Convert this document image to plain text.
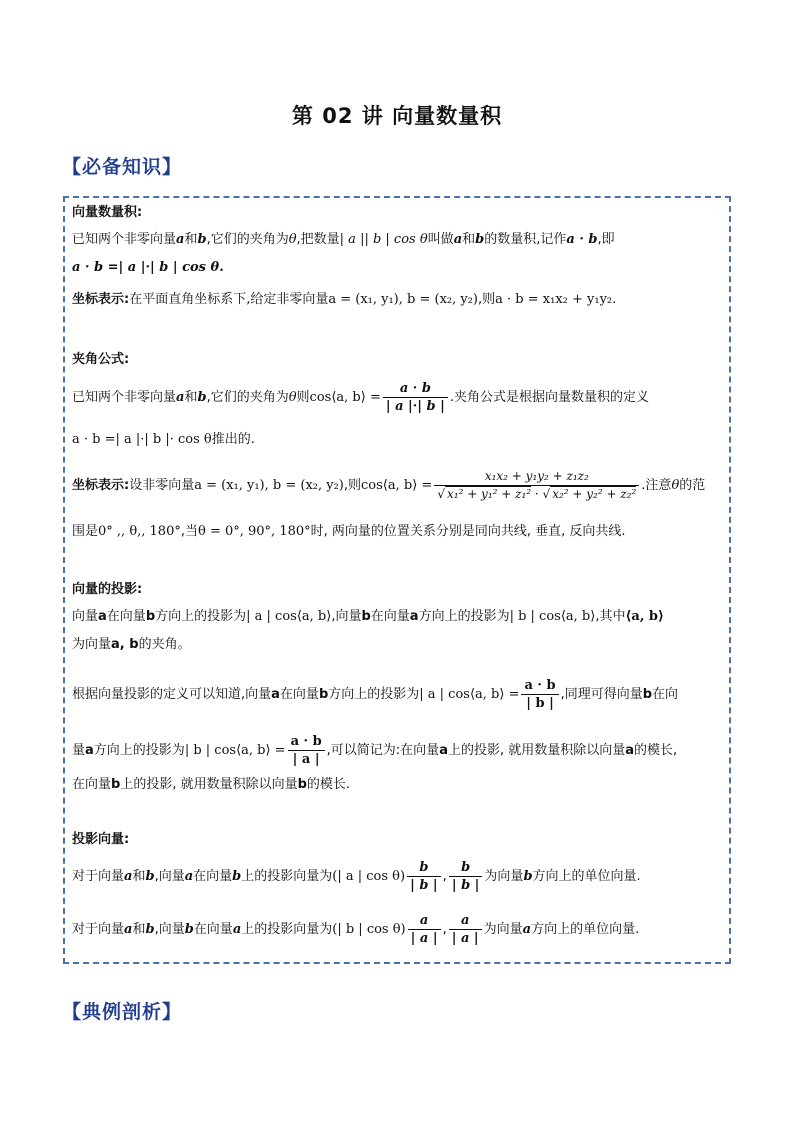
第 02 讲 向量数量积
【必备知识】
向量数量积:
已知两个非零向量a和b,它们的夹角为θ,把数量| a || b | cos θ叫做a和b的数量积,记作a · b,即
a · b =| a |·| b | cos θ.
坐标表示:在平面直角坐标系下,给定非零向量a = (x₁, y₁), b = (x₂, y₂),则a · b = x₁x₂ + y₁y₂.
夹角公式:
已知两个非零向量a和b,它们的夹角为θ则cos⟨a, b⟩ = $\frac{a \cdot b}{| a |\cdot| b |}$ .夹角公式是根据向量数量积的定义
a · b =| a |·| b |· cos θ推出的.
坐标表示:设非零向量a = (x₁, y₁), b = (x₂, y₂),则cos⟨a, b⟩ = $\frac{\text{x₁x₂ + y₁y₂ + z₁z₂}}{\text{√ x₁² + y₁² + z₁² · √ x₂² + y₂² + z₂²}}$ .注意θ的范
围是0° ,, θ,, 180°,当θ = 0°, 90°, 180°时, 两向量的位置关系分别是同向共线, 垂直, 反向共线.
向量的投影:
向量a在向量b方向上的投影为| a | cos⟨a, b⟩,向量b在向量a方向上的投影为| b | cos⟨a, b⟩,其中⟨a, b⟩
为向量a, b的夹角。
根据向量投影的定义可以知道,向量a在向量b方向上的投影为| a | cos⟨a, b⟩ = $\frac{a \cdot b}{| b |}$ ,同理可得向量b在向
量a方向上的投影为| b | cos⟨a, b⟩ = $\frac{a \cdot b}{| a |}$ ,可以简记为:在向量a上的投影, 就用数量积除以向量a的模长,
在向量b上的投影, 就用数量积除以向量b的模长.
投影向量:
对于向量a和b,向量a在向量b上的投影向量为(| a | $\cos \theta) \frac{b}{| b |}$ , $\frac{b}{| b |}$ 为向量b方向上的单位向量.
对于向量a和b,向量b在向量a上的投影向量为(| b | $\cos \theta) \frac{a}{| a |}$ , $\frac{a}{| a |}$ 为向量a方向上的单位向量.
【典例剖析】
